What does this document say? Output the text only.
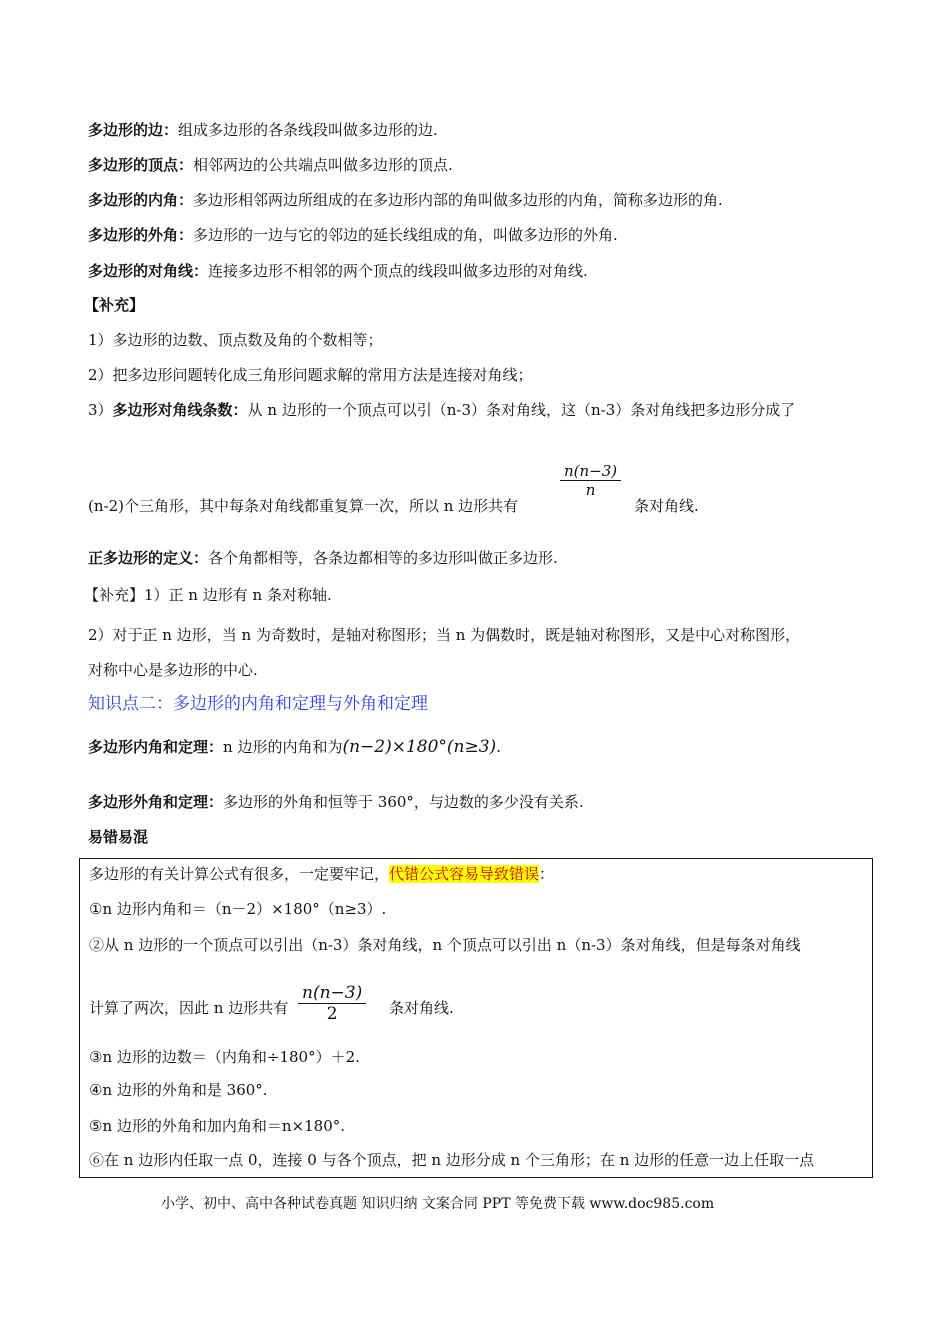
多边形的边：组成多边形的各条线段叫做多边形的边.
多边形的顶点：相邻两边的公共端点叫做多边形的顶点.
多边形的内角：多边形相邻两边所组成的在多边形内部的角叫做多边形的内角，简称多边形的角.
多边形的外角：多边形的一边与它的邻边的延长线组成的角，叫做多边形的外角.
多边形的对角线：连接多边形不相邻的两个顶点的线段叫做多边形的对角线.
【补充】
1）多边形的边数、顶点数及角的个数相等；
2）把多边形问题转化成三角形问题求解的常用方法是连接对角线；
3）多边形对角线条数：从 n 边形的一个顶点可以引（n-3）条对角线，这（n-3）条对角线把多边形分成了
(n-2)个三角形，其中每条对角线都重复算一次，所以 n 边形共有
$\frac{n(n-3)}{n}$
条对角线.
正多边形的定义：各个角都相等，各条边都相等的多边形叫做正多边形.
【补充】1）正 n 边形有 n 条对称轴.
2）对于正 n 边形，当 n 为奇数时，是轴对称图形；当 n 为偶数时，既是轴对称图形，又是中心对称图形，
对称中心是多边形的中心.
知识点二：多边形的内角和定理与外角和定理
多边形内角和定理：n 边形的内角和为(n−2)×180°(n≥3).
多边形外角和定理：多边形的外角和恒等于 360°，与边数的多少没有关系.
易错易混
多边形的有关计算公式有很多，一定要牢记，代错公式容易导致错误：
①n 边形内角和＝（n－2）×180°（n≥3）.
②从 n 边形的一个顶点可以引出（n-3）条对角线，n 个顶点可以引出 n（n-3）条对角线，但是每条对角线
计算了两次，因此 n 边形共有 $\frac{n(n-3)}{2}$ 条对角线.
③n 边形的边数＝（内角和÷180°）＋2.
④n 边形的外角和是 360°.
⑤n 边形的外角和加内角和＝n×180°.
⑥在 n 边形内任取一点 0，连接 0 与各个顶点，把 n 边形分成 n 个三角形；在 n 边形的任意一边上任取一点
小学、初中、高中各种试卷真题 知识归纳 文案合同 PPT 等免费下载 www.doc985.com
